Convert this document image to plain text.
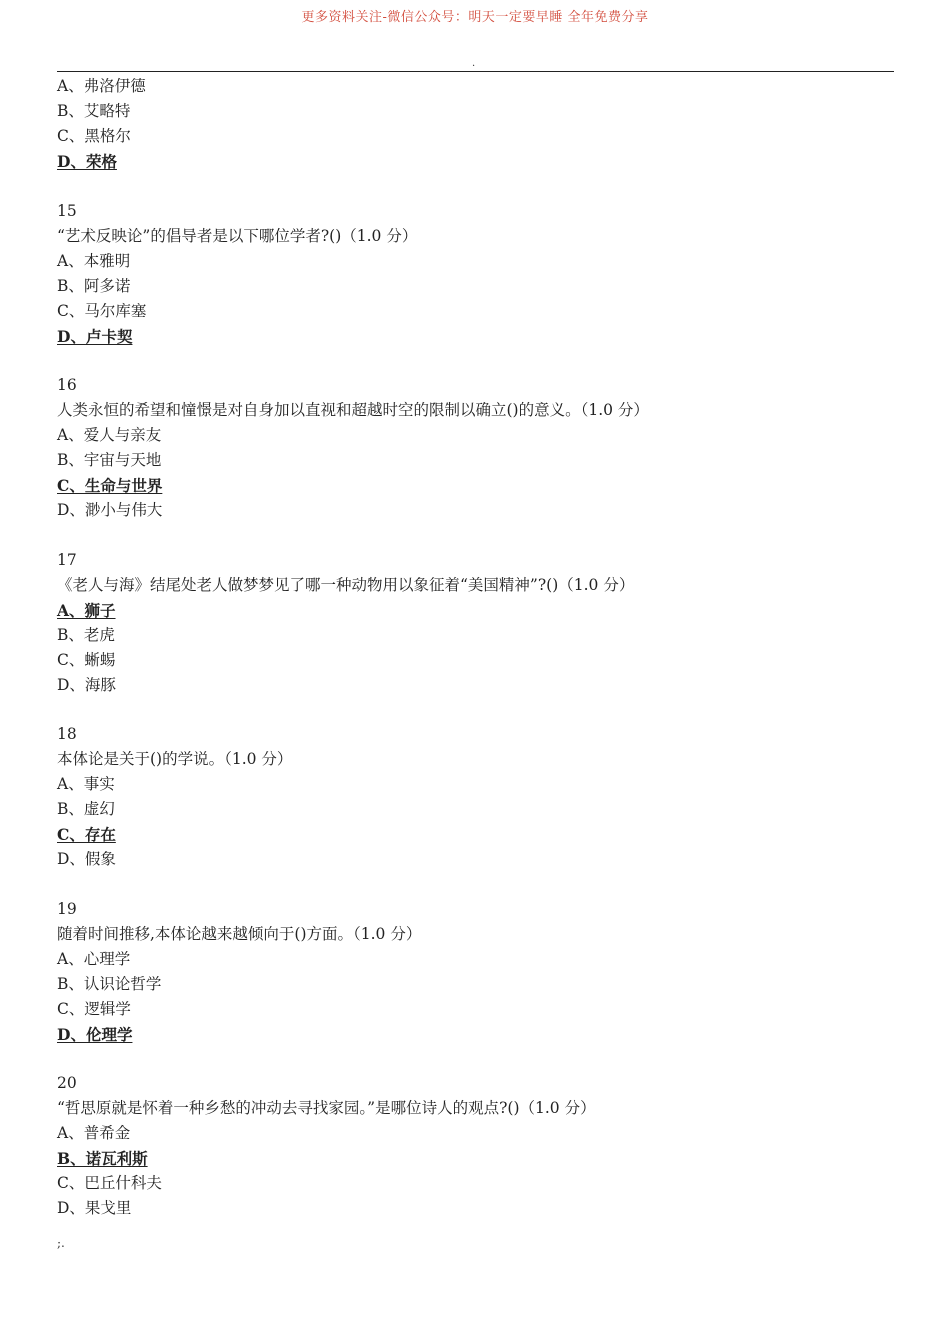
更多资料关注-微信公众号：明天一定要早睡 全年免费分享
.
A、弗洛伊德
B、艾略特
C、黑格尔
D、荣格
15
“艺术反映论”的倡导者是以下哪位学者?()（1.0 分）
A、本雅明
B、阿多诺
C、马尔库塞
D、卢卡契
16
人类永恒的希望和憧憬是对自身加以直视和超越时空的限制以确立()的意义。（1.0 分）
A、爱人与亲友
B、宇宙与天地
C、生命与世界
D、渺小与伟大
17
《老人与海》结尾处老人做梦梦见了哪一种动物用以象征着“美国精神”?()（1.0 分）
A、狮子
B、老虎
C、蜥蜴
D、海豚
18
本体论是关于()的学说。（1.0 分）
A、事实
B、虚幻
C、存在
D、假象
19
随着时间推移,本体论越来越倾向于()方面。（1.0 分）
A、心理学
B、认识论哲学
C、逻辑学
D、伦理学
20
“哲思原就是怀着一种乡愁的冲动去寻找家园。”是哪位诗人的观点?()（1.0 分）
A、普希金
B、诺瓦利斯
C、巴丘什科夫
D、果戈里
;.
